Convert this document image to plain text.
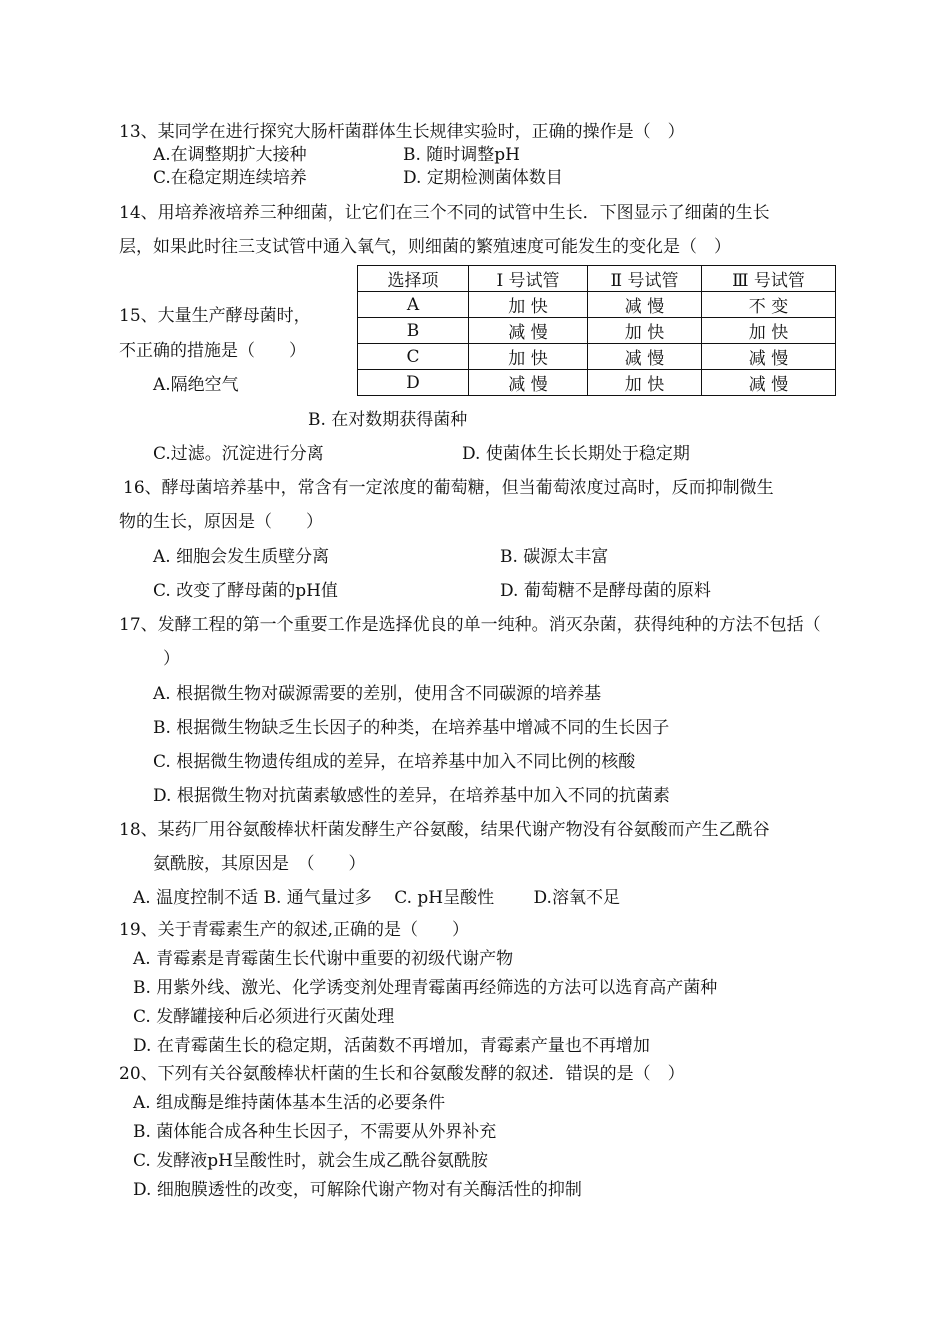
13、某同学在进行探究大肠杆菌群体生长规律实验时，正确的操作是（　）
A.在调整期扩大接种	B. 随时调整pH
C.在稳定期连续培养	D. 定期检测菌体数目
14、用培养液培养三种细菌，让它们在三个不同的试管中生长．下图显示了细菌的生长
层，如果此时往三支试管中通入氧气，则细菌的繁殖速度可能发生的变化是（　）
选择项	Ⅰ 号试管	Ⅱ 号试管	Ⅲ 号试管
A	加 快	减 慢	不 变
B	减 慢	加 快	加 快
C	加 快	减 慢	减 慢
D	减 慢	加 快	减 慢
15、大量生产酵母菌时，
不正确的措施是（　　）
A.隔绝空气
B. 在对数期获得菌种
C.过滤。沉淀进行分离	D. 使菌体生长长期处于稳定期
16、酵母菌培养基中，常含有一定浓度的葡萄糖，但当葡萄浓度过高时，反而抑制微生
物的生长，原因是（　　）
A. 细胞会发生质壁分离	B. 碳源太丰富
C. 改变了酵母菌的pH值	D. 葡萄糖不是酵母菌的原料
17、发酵工程的第一个重要工作是选择优良的单一纯种。消灭杂菌，获得纯种的方法不包括（
）
A. 根据微生物对碳源需要的差别，使用含不同碳源的培养基
B. 根据微生物缺乏生长因子的种类，在培养基中增减不同的生长因子
C. 根据微生物遗传组成的差异，在培养基中加入不同比例的核酸
D. 根据微生物对抗菌素敏感性的差异，在培养基中加入不同的抗菌素
18、某药厂用谷氨酸棒状杆菌发酵生产谷氨酸，结果代谢产物没有谷氨酸而产生乙酰谷
氨酰胺，其原因是　（　　）
A. 温度控制不适 B. 通气量过多　 C. pH呈酸性　　 D.溶氧不足
19、关于青霉素生产的叙述,正确的是（　　）
A. 青霉素是青霉菌生长代谢中重要的初级代谢产物
B. 用紫外线、激光、化学诱变剂处理青霉菌再经筛选的方法可以选育高产菌种
C. 发酵罐接种后必须进行灭菌处理
D. 在青霉菌生长的稳定期，活菌数不再增加，青霉素产量也不再增加
20、下列有关谷氨酸棒状杆菌的生长和谷氨酸发酵的叙述．错误的是（　）
A. 组成酶是维持菌体基本生活的必要条件
B. 菌体能合成各种生长因子，不需要从外界补充
C. 发酵液pH呈酸性时，就会生成乙酰谷氨酰胺
D. 细胞膜透性的改变，可解除代谢产物对有关酶活性的抑制
